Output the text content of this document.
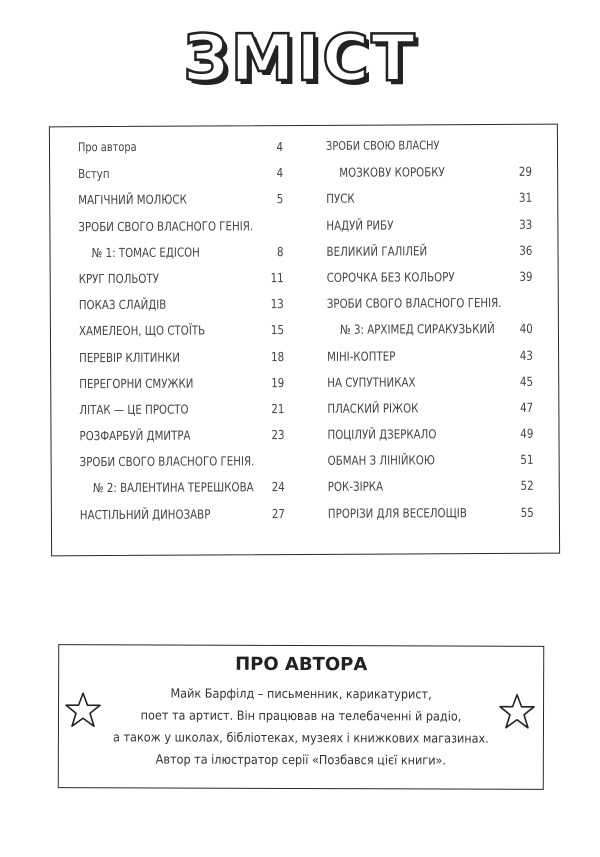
ЗМІСТ
Про автора	4
Вступ	4
МАГІЧНИЙ МОЛЮСК	5
ЗРОБИ СВОГО ВЛАСНОГО ГЕНІЯ.
№ 1: ТОМАС ЕДІСОН	8
КРУГ ПОЛЬОТУ	11
ПОКАЗ СЛАЙДІВ	13
ХАМЕЛЕОН, ЩО СТОЇТЬ	15
ПЕРЕВІР КЛІТИНКИ	18
ПЕРЕГОРНИ СМУЖКИ	19
ЛІТАК — ЦЕ ПРОСТО	21
РОЗФАРБУЙ ДМИТРА	23
ЗРОБИ СВОГО ВЛАСНОГО ГЕНІЯ.
№ 2: ВАЛЕНТИНА ТЕРЕШКОВА 24
НАСТІЛЬНИЙ ДИНОЗАВР	27
ЗРОБИ СВОЮ ВЛАСНУ
МОЗКОВУ КОРОБКУ	29
ПУСК	31
НАДУЙ РИБУ	33
ВЕЛИКИЙ ГАЛІЛЕЙ	36
СОРОЧКА БЕЗ КОЛЬОРУ	39
ЗРОБИ СВОГО ВЛАСНОГО ГЕНІЯ.
№ 3: АРХІМЕД СИРАКУЗЬКИЙ 40
МІНІ-КОПТЕР	43
НА СУПУТНИКАХ	45
ПЛАСКИЙ РІЖОК	47
ПОЦІЛУЙ ДЗЕРКАЛО	49
ОБМАН З ЛІНІЙКОЮ	51
РОК-ЗІРКА	52
ПРОРІЗИ ДЛЯ ВЕСЕЛОЩІВ	55
ПРО АВТОРА
Майк Барфілд – письменник, карикатурист,
поет та артист. Він працював на телебаченні й радіо,
а також у школах, бібліотеках, музеях і книжкових магазинах.
Автор та ілюстратор серії «Позбався цієї книги».
